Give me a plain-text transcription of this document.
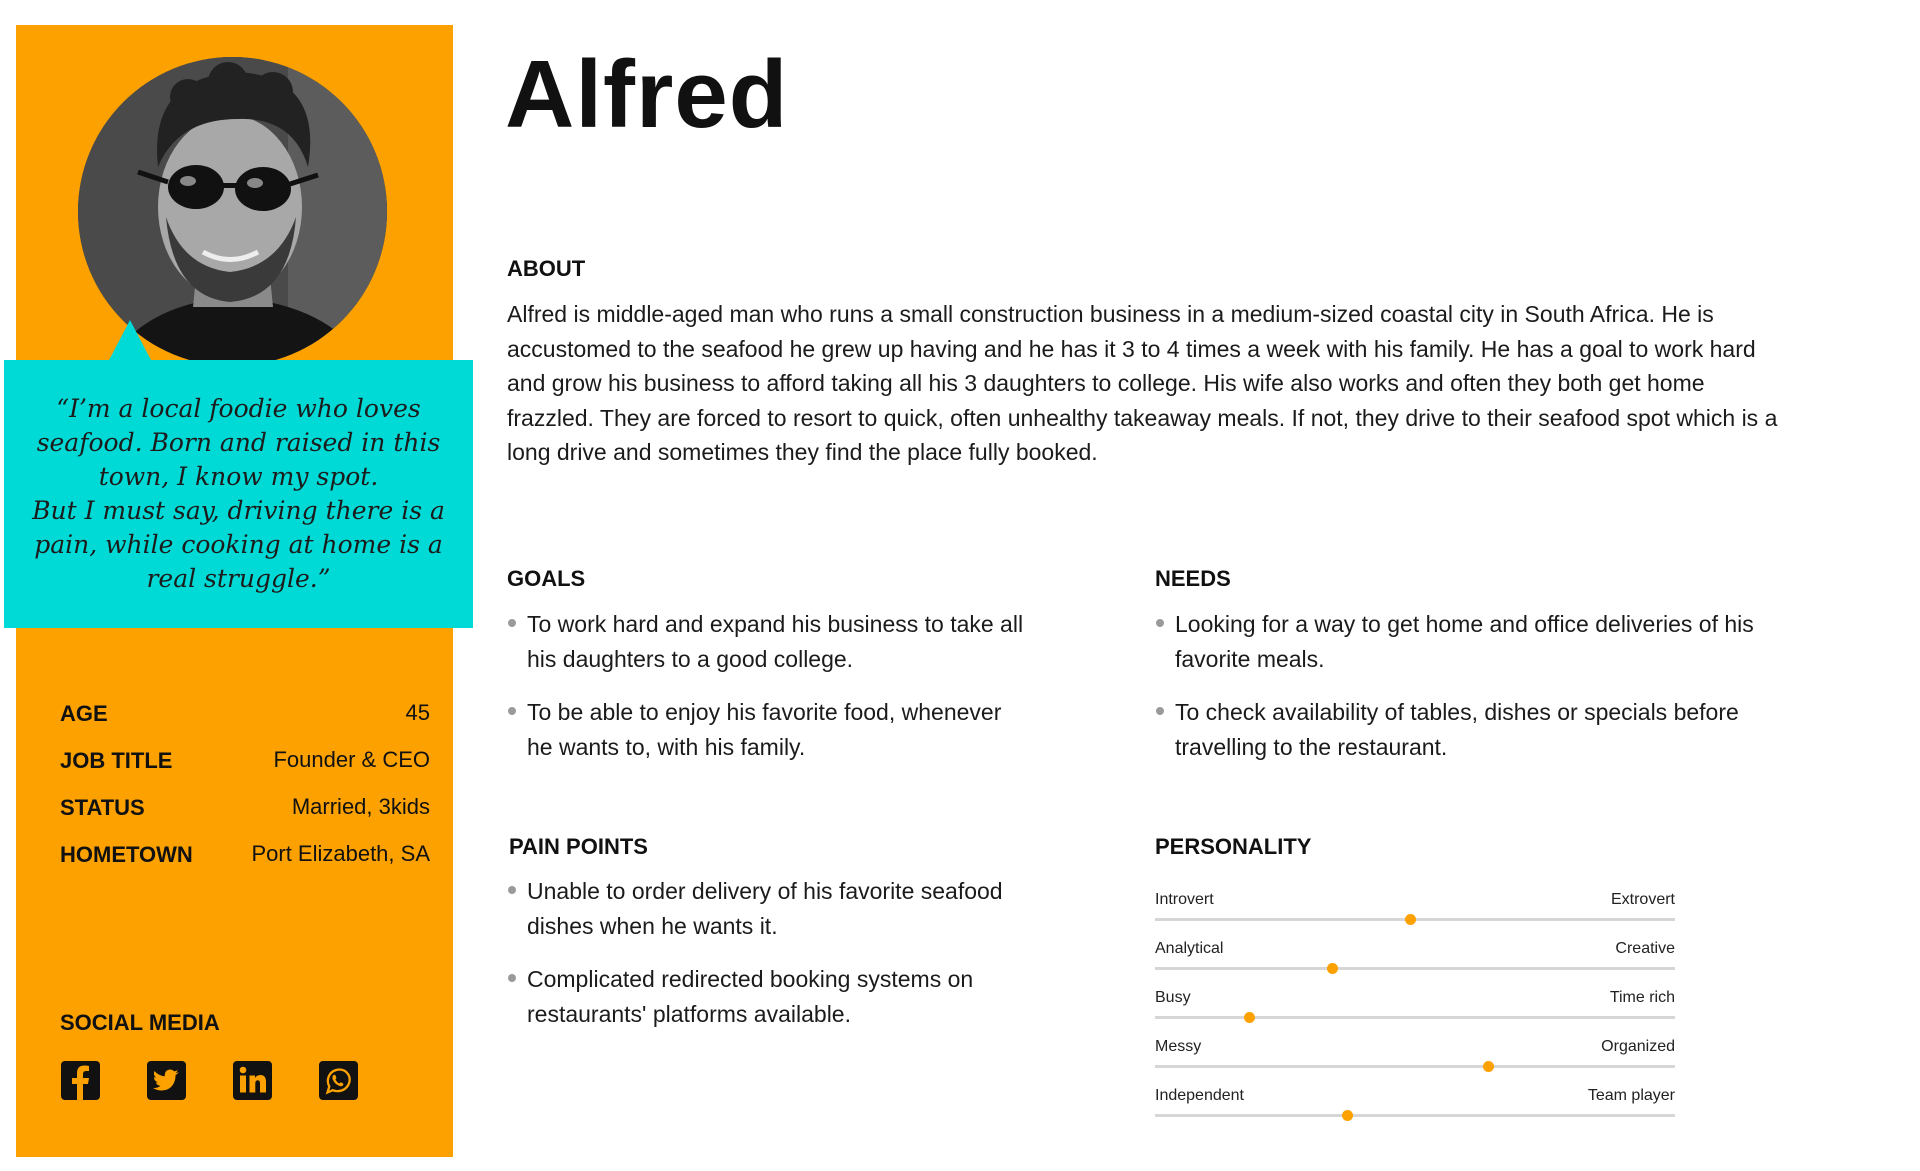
“I’m a local foodie who loves seafood. Born and raised in this town, I know my spot.
But I must say, driving there is a pain, while cooking at home is a real struggle.”

AGE	45
JOB TITLE	Founder & CEO
STATUS	Married, 3kids
HOMETOWN	Port Elizabeth, SA
SOCIAL MEDIA
Alfred
ABOUT

Alfred is middle-aged man who runs a small construction business in a medium-sized coastal city in South Africa. He is accustomed to the seafood he grew up having and he has it 3 to 4 times a week with his family. He has a goal to work hard and grow his business to afford taking all his 3 daughters to college. His wife also works and often they both get home frazzled. They are forced to resort to quick, often unhealthy takeaway meals. If not, they drive to their seafood spot which is a long drive and sometimes they find the place fully booked.

GOALS
To work hard and expand his business to take all his daughters to a good college.
To be able to enjoy his favorite food, whenever he wants to, with his family.
NEEDS
Looking for a way to get home and office deliveries of his favorite meals.
To check availability of tables, dishes or specials before travelling to the restaurant.
PAIN POINTS
Unable to order delivery of his favorite seafood dishes when he wants it.
Complicated redirected booking systems on restaurants' platforms available.
PERSONALITY
Introvert	Extrovert
Analytical	Creative
Busy	Time rich
Messy	Organized
Independent	Team player
